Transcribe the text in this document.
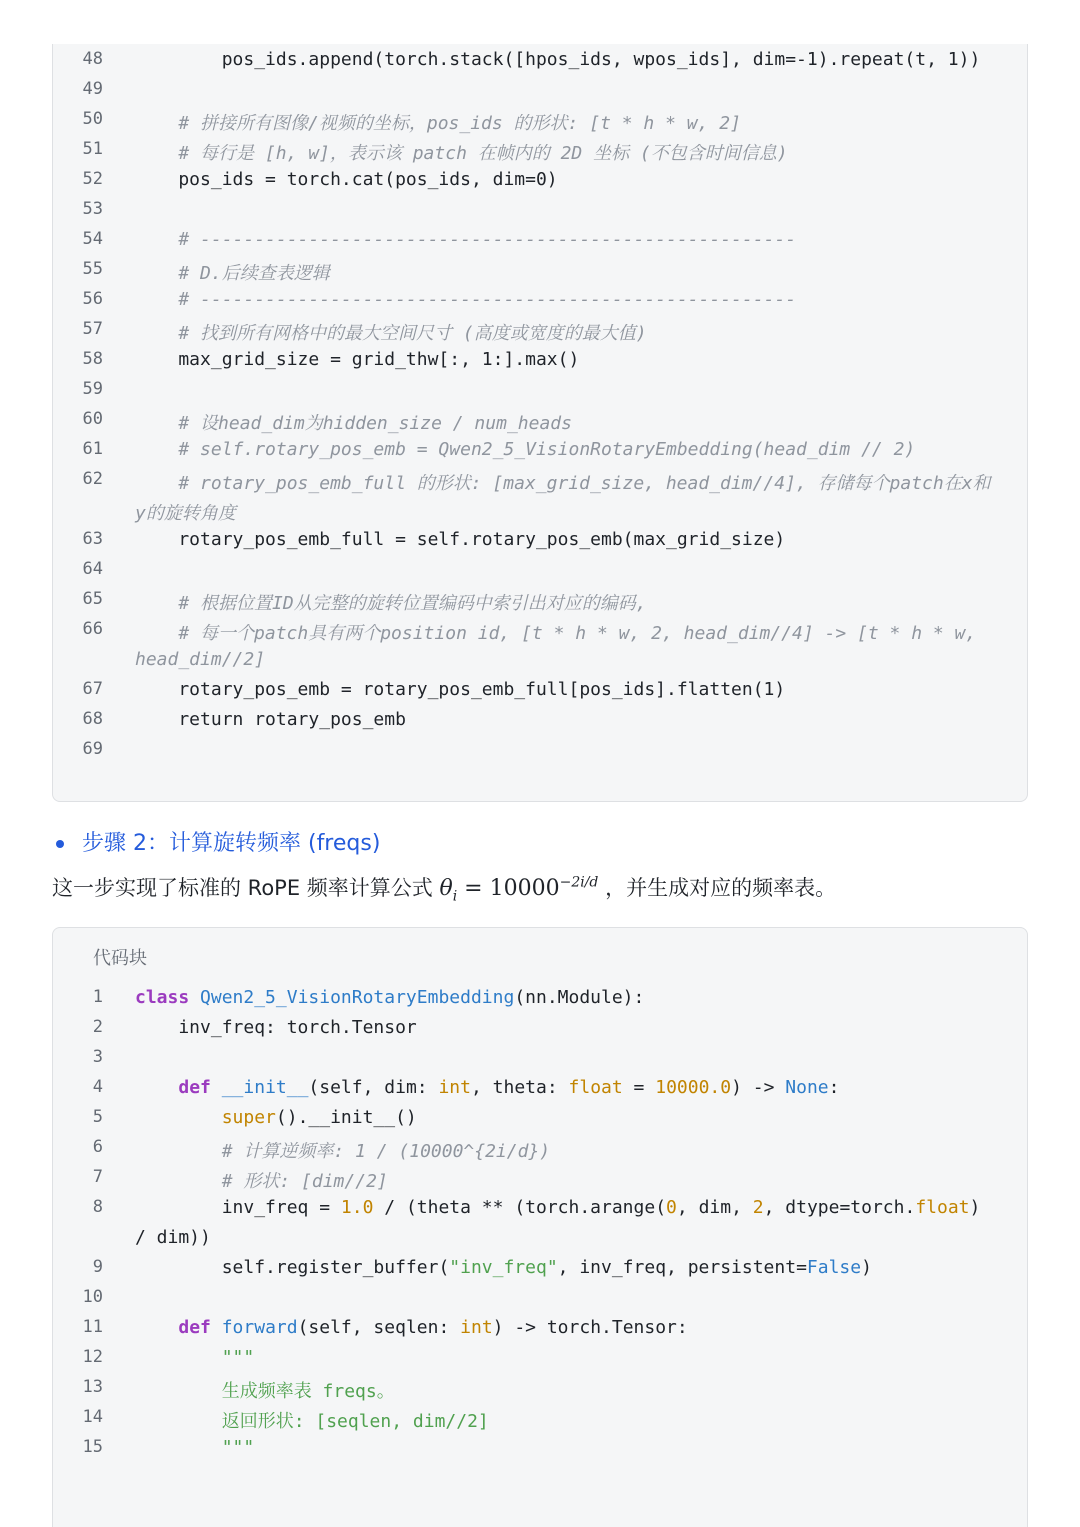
48 pos_ids.append(torch.stack([hpos_ids, wpos_ids], dim=-1).repeat(t, 1))
49
50 # 拼接所有图像/视频的坐标，pos_ids 的形状: [t * h * w, 2]
51 # 每行是 [h, w]，表示该 patch 在帧内的 2D 坐标 (不包含时间信息)
52 pos_ids = torch.cat(pos_ids, dim=0)
53
54 # -------------------------------------------------------
55 # D.后续查表逻辑
56 # -------------------------------------------------------
57 # 找到所有网格中的最大空间尺寸 (高度或宽度的最大值)
58 max_grid_size = grid_thw[:, 1:].max()
59
60 # 设head_dim为hidden_size / num_heads
61 # self.rotary_pos_emb = Qwen2_5_VisionRotaryEmbedding(head_dim // 2)
62 # rotary_pos_emb_full 的形状: [max_grid_size, head_dim//4], 存储每个patch在x和
y的旋转角度
63 rotary_pos_emb_full = self.rotary_pos_emb(max_grid_size)
64
65 # 根据位置ID从完整的旋转位置编码中索引出对应的编码,
66 # 每一个patch具有两个position id, [t * h * w, 2, head_dim//4] -> [t * h * w,
head_dim//2]
67 rotary_pos_emb = rotary_pos_emb_full[pos_ids].flatten(1)
68 return rotary_pos_emb
69
步骤 2：计算旋转频率 (freqs)
这一步实现了标准的 RoPE 频率计算公式 $\theta_i = 10000^{-2i/d}$ ，并生成对应的频率表。
代码块
1 class Qwen2_5_VisionRotaryEmbedding(nn.Module):
2 inv_freq: torch.Tensor
3
4	def __init__(self, dim: int, theta: float = 10000.0) -> None:
5	super().__init__()
6	# 计算逆频率: 1 / (10000^{2i/d})
7	# 形状: [dim//2]
8	inv_freq = 1.0 / (theta ** (torch.arange(0, dim, 2, dtype=torch.float)
/ dim))
9	self.register_buffer("inv_freq", inv_freq, persistent=False)
10
11	def forward(self, seqlen: int) -> torch.Tensor:
12	"""
13	生成频率表 freqs。
14	返回形状: [seqlen, dim//2]
15	"""
